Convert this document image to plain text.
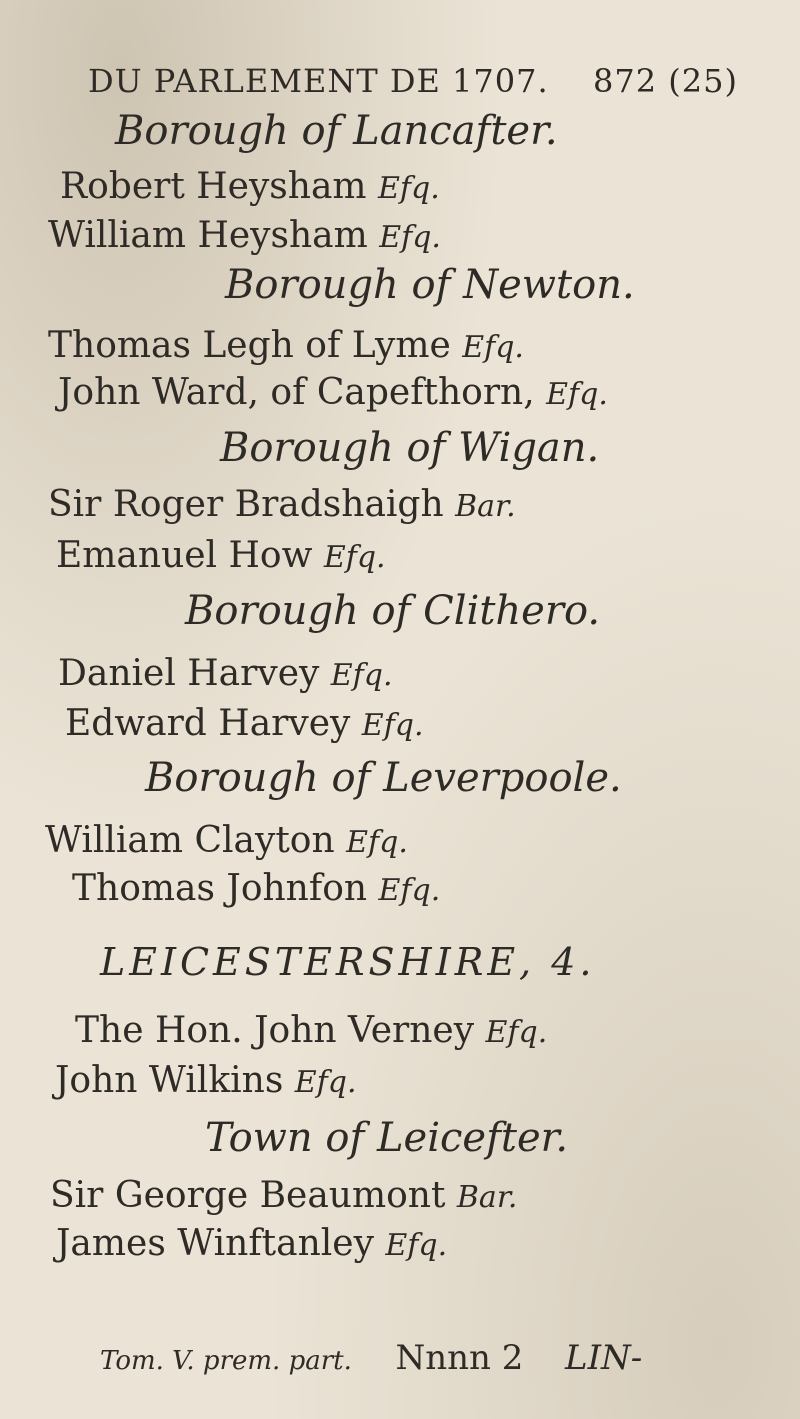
DU PARLEMENT DE 1707. 872 (25)
Borough of Lancafter.
Robert Heysham Efq.
William Heysham Efq.
Borough of Newton.
Thomas Legh of Lyme Efq.
John Ward, of Capefthorn, Efq.
Borough of Wigan.
Sir Roger Bradshaigh Bar.
Emanuel How Efq.
Borough of Clithero.
Daniel Harvey Efq.
Edward Harvey Efq.
Borough of Leverpoole.
William Clayton Efq.
Thomas Johnfon Efq.
LEICESTERSHIRE, 4.
The Hon. John Verney Efq.
John Wilkins Efq.
Town of Leicefter.
Sir George Beaumont Bar.
James Winftanley Efq.
Tom. V. prem. part. Nnnn 2 LIN-
